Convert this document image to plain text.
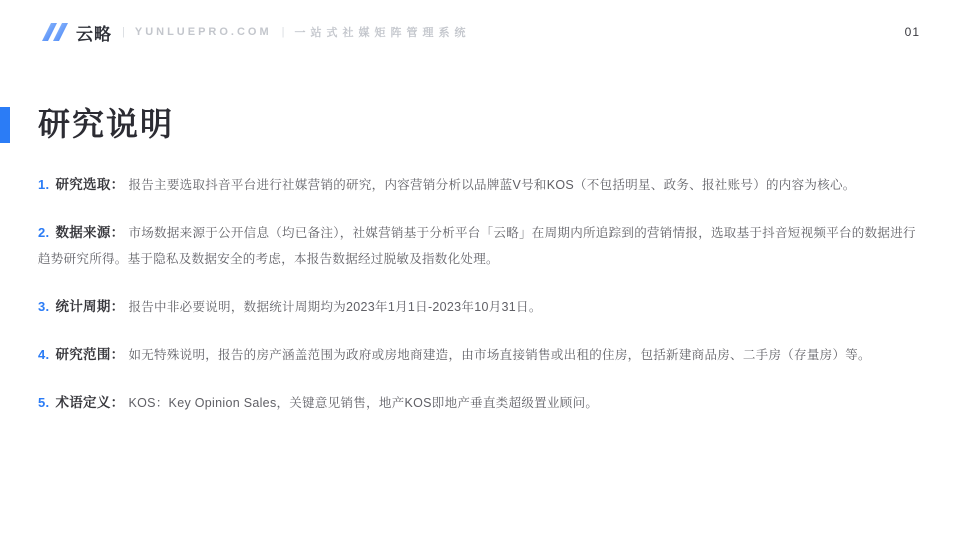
云略 | YUNLUEPRO.COM | 一站式社媒矩阵管理系统	01
研究说明

1. 研究选取： 报告主要选取抖音平台进行社媒营销的研究，内容营销分析以品牌蓝V号和KOS（不包括明星、政务、报社账号）的内容为核心。

2. 数据来源： 市场数据来源于公开信息（均已备注），社媒营销基于分析平台「云略」在周期内所追踪到的营销情报，选取基于抖音短视频平台的数据进行趋势研究所得。基于隐私及数据安全的考虑，本报告数据经过脱敏及指数化处理。

3. 统计周期： 报告中非必要说明，数据统计周期均为2023年1月1日-2023年10月31日。

4. 研究范围： 如无特殊说明，报告的房产涵盖范围为政府或房地商建造，由市场直接销售或出租的住房，包括新建商品房、二手房（存量房）等。

5. 术语定义： KOS：Key Opinion Sales，关键意见销售，地产KOS即地产垂直类超级置业顾问。
